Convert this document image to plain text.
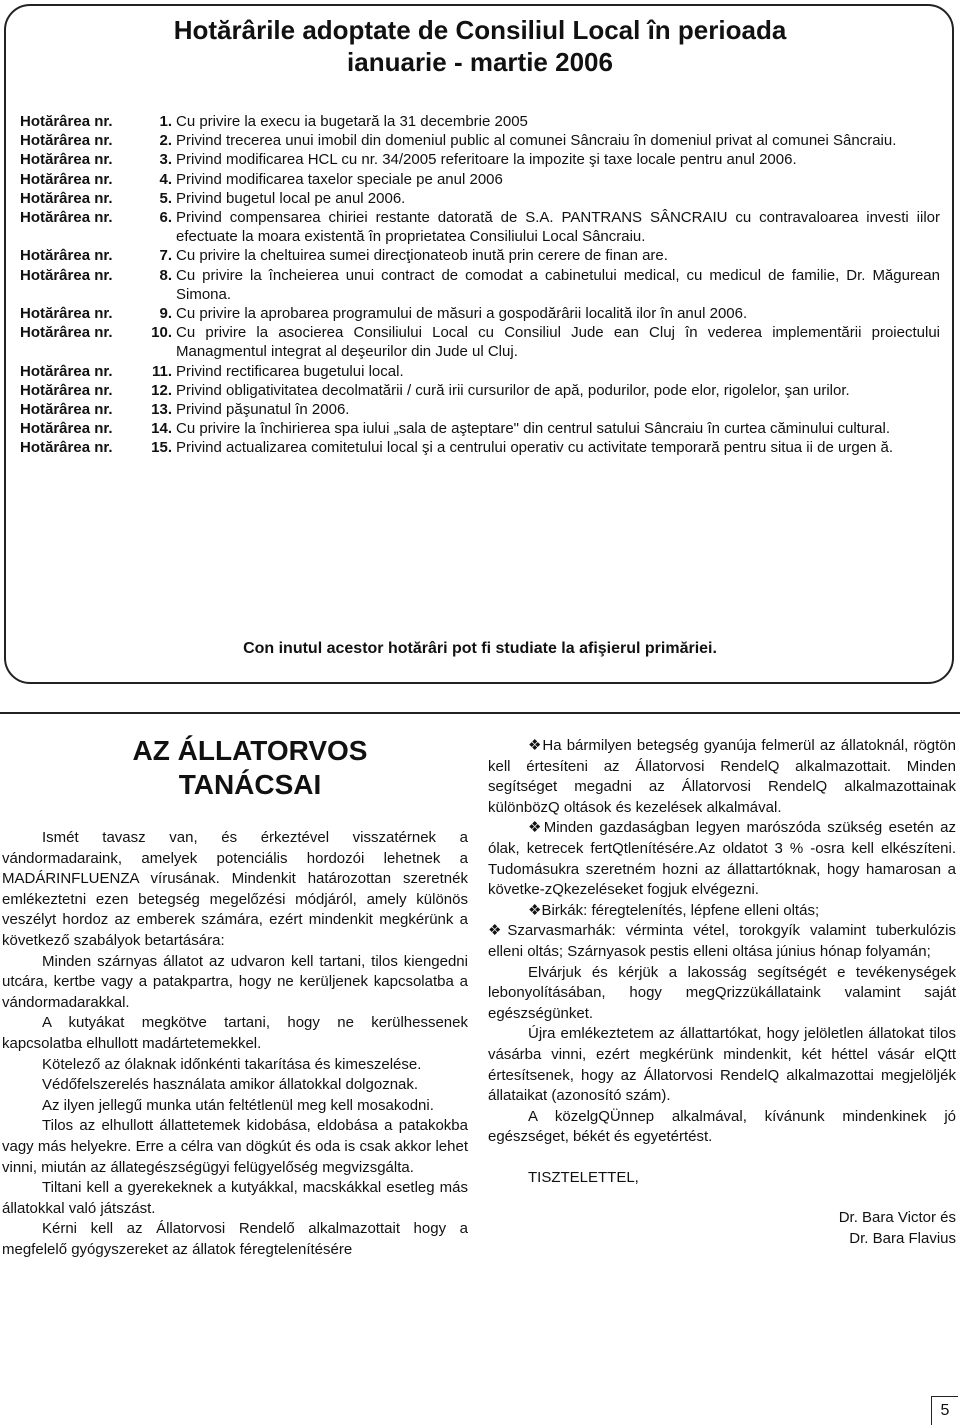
Hotărârile adoptate de Consiliul Local în perioada
ianuarie - martie 2006
Hotărârea nr.	1. Cu privire la execu ia bugetară la 31 decembrie 2005
Hotărârea nr.	2. Privind trecerea unui imobil din domeniul public al comunei Sâncraiu în domeniul privat al comunei Sâncraiu.
Hotărârea nr.	3. Privind modificarea HCL cu nr. 34/2005 referitoare la impozite şi taxe locale pentru anul 2006.
Hotărârea nr.	4. Privind modificarea taxelor speciale pe anul 2006
Hotărârea nr.	5. Privind bugetul local pe anul 2006.
Hotărârea nr.	6. Privind compensarea chiriei restante datorată de S.A. PANTRANS SÂNCRAIU cu contravaloarea investi iilor efectuate la moara existentă în proprietatea Consiliului Local Sâncraiu.
Hotărârea nr.	7. Cu privire la cheltuirea sumei direcţionateob inută prin cerere de finan are.
Hotărârea nr.	8. Cu privire la încheierea unui contract de comodat a cabinetului medical, cu medicul de familie, Dr. Măgurean Simona.
Hotărârea nr.	9. Cu privire la aprobarea programului de măsuri a gospodărârii localită ilor în anul 2006.
Hotărârea nr.	10. Cu privire la asocierea Consiliului Local cu Consiliul Jude ean Cluj în vederea implementării proiectului Managmentul integrat al deşeurilor din Jude ul Cluj.
Hotărârea nr.	11. Privind rectificarea bugetului local.
Hotărârea nr.	12. Privind obligativitatea decolmatării / cură irii cursurilor de apă, podurilor, pode elor, rigolelor, şan urilor.
Hotărârea nr.	13. Privind păşunatul în 2006.
Hotărârea nr.	14. Cu privire la închirierea spa iului „sala de aşteptare" din centrul satului Sâncraiu în curtea căminului cultural.
Hotărârea nr.	15. Privind actualizarea comitetului local şi a centrului operativ cu activitate temporară pentru situa ii de urgen ă.
Con inutul acestor hotărâri pot fi studiate la afişierul primăriei.
AZ ÁLLATORVOS
TANÁCSAI

Ismét tavasz van, és érkeztével visszatérnek a vándormadaraink, amelyek potenciális hordozói lehetnek a MADÁRINFLUENZA vírusának. Mindenkit határozottan szeretnék emlékeztetni ezen betegség megelőzési módjáról, amely különös veszélyt hordoz az emberek számára, ezért mindenkit megkérünk a következő szabályok betartására:

Minden szárnyas állatot az udvaron kell tartani, tilos kiengedni utcára, kertbe vagy a patakpartra, hogy ne kerüljenek kapcsolatba a vándormadarakkal.

A kutyákat megkötve tartani, hogy ne kerülhessenek kapcsolatba elhullott madártetemekkel.

Kötelező az ólaknak időnkénti takarítása és kimeszelése.

Védőfelszerelés használata amikor állatokkal dolgoznak.

Az ilyen jellegű munka után feltétlenül meg kell mosakodni.

Tilos az elhullott állattetemek kidobása, eldobása a patakokba vagy más helyekre. Erre a célra van dögkút és oda is csak akkor lehet vinni, miután az állategészségügyi felügyelőség megvizsgálta.

Tiltani kell a gyerekeknek a kutyákkal, macskákkal esetleg más állatokkal való játszást.

Kérni kell az Állatorvosi Rendelő alkalmazottait hogy a megfelelő gyógyszereket az állatok féregtelenítésére

❖Ha bármilyen betegség gyanúja felmerül az állatoknál, rögtön kell értesíteni az Állatorvosi RendelQ alkalmazottait. Minden segítséget megadni az Állatorvosi RendelQ alkalmazottainak különbözQ oltások és kezelések alkalmával.

❖Minden gazdaságban legyen marószóda szükség esetén az ólak, ketrecek fertQtlenítésére.Az oldatot 3 % -osra kell elkészíteni. Tudomásukra szeretném hozni az állattartóknak, hogy hamarosan a követke-zQkezeléseket fogjuk elvégezni.

❖Birkák: féregtelenítés, lépfene elleni oltás;

❖Szarvasmarhák: vérminta vétel, torokgyík valamint tuberkulózis elleni oltás; Szárnyasok pestis elleni oltása június hónap folyamán;

Elvárjuk és kérjük a lakosság segítségét e tevékenységek lebonyolításában, hogy megQrizzükállataink valamint saját egészségünket.

Újra emlékeztetem az állattartókat, hogy jelöletlen állatokat tilos vásárba vinni, ezért megkérünk mindenkit, két héttel vásár elQtt értesítsenek, hogy az Állatorvosi RendelQ alkalmazottai megjelöljék állataikat (azonosító szám).

A közelgQÜnnep alkalmával, kívánunk mindenkinek jó egészséget, békét és egyetértést.

TISZTELETTEL,

Dr. Bara Victor és
Dr. Bara Flavius
5
